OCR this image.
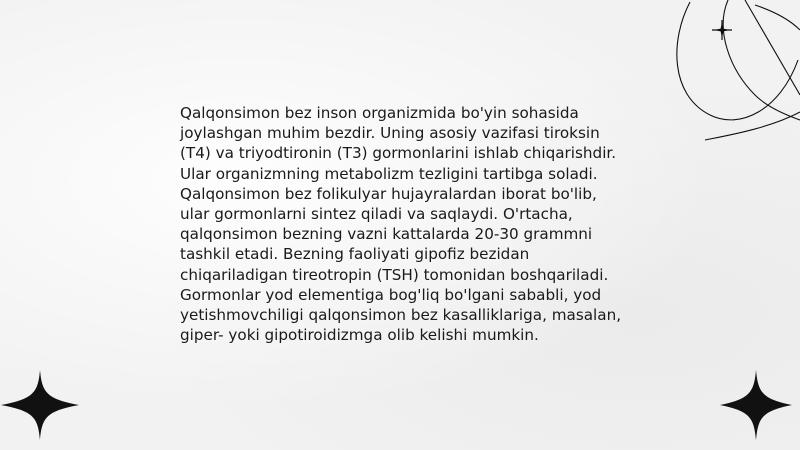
Qalqonsimon bez inson organizmida bo'yin sohasida joylashgan muhim bezdir. Uning asosiy vazifasi tiroksin (T4) va triyodtironin (T3) gormonlarini ishlab chiqarishdir. Ular organizmning metabolizm tezligini tartibga soladi. Qalqonsimon bez folikulyar hujayralardan iborat bo'lib, ular gormonlarni sintez qiladi va saqlaydi. O'rtacha, qalqonsimon bezning vazni kattalarda 20-30 grammni tashkil etadi. Bezning faoliyati gipofiz bezidan chiqariladigan tireotropin (TSH) tomonidan boshqariladi. Gormonlar yod elementiga bog'liq bo'lgani sababli, yod yetishmovchiligi qalqonsimon bez kasalliklariga, masalan, giper- yoki gipotiroidizmga olib kelishi mumkin.
